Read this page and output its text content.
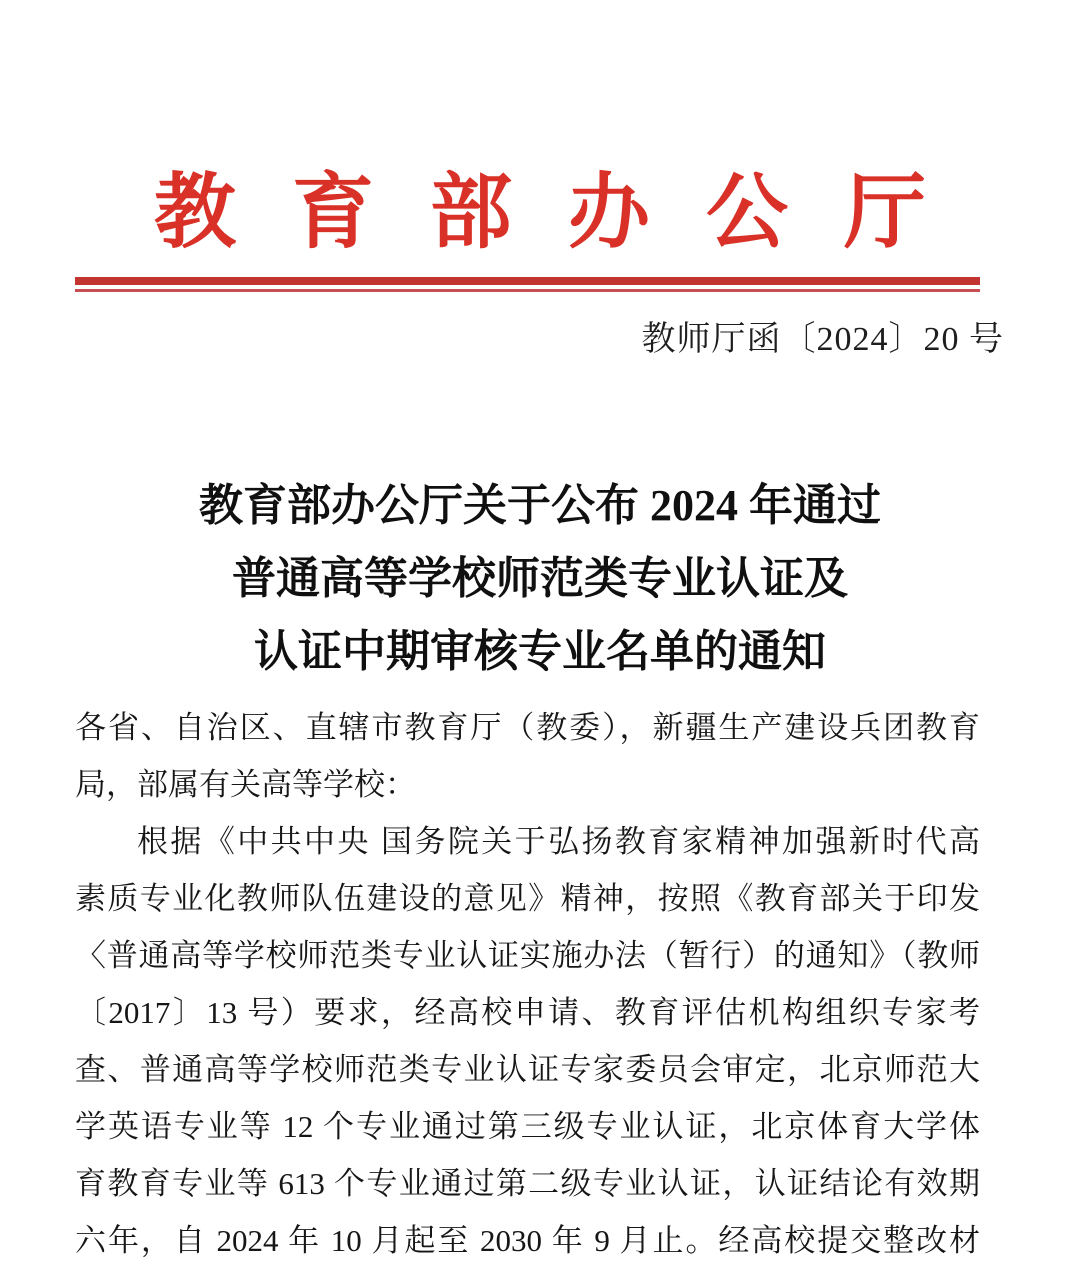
教 育 部 办 公 厅
教师厅函〔2024〕20 号
教育部办公厅关于公布 2024 年通过
普通高等学校师范类专业认证及
认证中期审核专业名单的通知
各省、自治区、直辖市教育厅（教委），新疆生产建设兵团教育
局，部属有关高等学校：
根据《中共中央 国务院关于弘扬教育家精神加强新时代高
素质专业化教师队伍建设的意见》精神，按照《教育部关于印发
〈普通高等学校师范类专业认证实施办法（暂行）的通知》（教师
〔2017〕13 号）要求，经高校申请、教育评估机构组织专家考
查、普通高等学校师范类专业认证专家委员会审定，北京师范大
学英语专业等 12 个专业通过第三级专业认证，北京体育大学体
育教育专业等 613 个专业通过第二级专业认证，认证结论有效期
六年，自 2024 年 10 月起至 2030 年 9 月止。经高校提交整改材
